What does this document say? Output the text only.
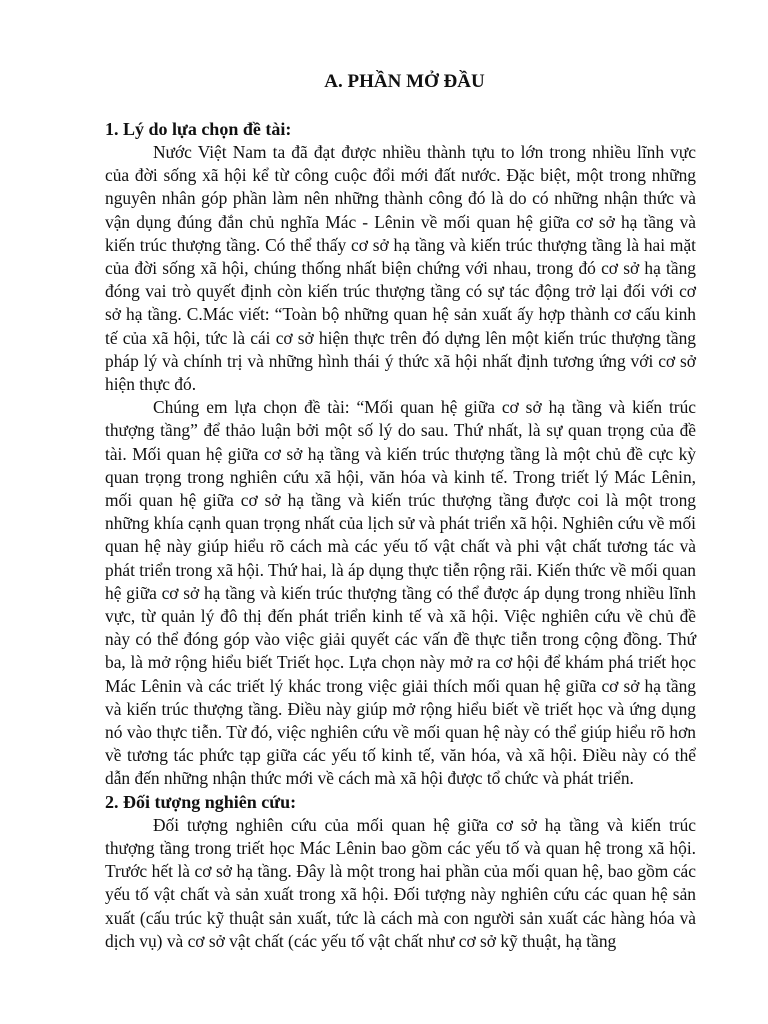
A. PHẦN MỞ ĐẦU
1. Lý do lựa chọn đề tài:

Nước Việt Nam ta đã đạt được nhiều thành tựu to lớn trong nhiều lĩnh vực của đời sống xã hội kể từ công cuộc đổi mới đất nước. Đặc biệt, một trong những nguyên nhân góp phần làm nên những thành công đó là do có những nhận thức và vận dụng đúng đắn chủ nghĩa Mác - Lênin về mối quan hệ giữa cơ sở hạ tầng và kiến trúc thượng tầng. Có thể thấy cơ sở hạ tầng và kiến trúc thượng tầng là hai mặt của đời sống xã hội, chúng thống nhất biện chứng với nhau, trong đó cơ sở hạ tầng đóng vai trò quyết định còn kiến trúc thượng tầng có sự tác động trở lại đối với cơ sở hạ tầng. C.Mác viết: “Toàn bộ những quan hệ sản xuất ấy hợp thành cơ cấu kinh tế của xã hội, tức là cái cơ sở hiện thực trên đó dựng lên một kiến trúc thượng tầng pháp lý và chính trị và những hình thái ý thức xã hội nhất định tương ứng với cơ sở hiện thực đó.

Chúng em lựa chọn đề tài: “Mối quan hệ giữa cơ sở hạ tầng và kiến trúc thượng tầng” để thảo luận bởi một số lý do sau. Thứ nhất, là sự quan trọng của đề tài. Mối quan hệ giữa cơ sở hạ tầng và kiến trúc thượng tầng là một chủ đề cực kỳ quan trọng trong nghiên cứu xã hội, văn hóa và kinh tế. Trong triết lý Mác Lênin, mối quan hệ giữa cơ sở hạ tầng và kiến trúc thượng tầng được coi là một trong những khía cạnh quan trọng nhất của lịch sử và phát triển xã hội. Nghiên cứu về mối quan hệ này giúp hiểu rõ cách mà các yếu tố vật chất và phi vật chất tương tác và phát triển trong xã hội. Thứ hai, là áp dụng thực tiễn rộng rãi. Kiến thức về mối quan hệ giữa cơ sở hạ tầng và kiến trúc thượng tầng có thể được áp dụng trong nhiều lĩnh vực, từ quản lý đô thị đến phát triển kinh tế và xã hội. Việc nghiên cứu về chủ đề này có thể đóng góp vào việc giải quyết các vấn đề thực tiễn trong cộng đồng. Thứ ba, là mở rộng hiểu biết Triết học. Lựa chọn này mở ra cơ hội để khám phá triết học Mác Lênin và các triết lý khác trong việc giải thích mối quan hệ giữa cơ sở hạ tầng và kiến trúc thượng tầng. Điều này giúp mở rộng hiểu biết về triết học và ứng dụng nó vào thực tiễn. Từ đó, việc nghiên cứu về mối quan hệ này có thể giúp hiểu rõ hơn về tương tác phức tạp giữa các yếu tố kinh tế, văn hóa, và xã hội. Điều này có thể dẫn đến những nhận thức mới về cách mà xã hội được tổ chức và phát triển.

2. Đối tượng nghiên cứu:

Đối tượng nghiên cứu của mối quan hệ giữa cơ sở hạ tầng và kiến trúc thượng tầng trong triết học Mác Lênin bao gồm các yếu tố và quan hệ trong xã hội. Trước hết là cơ sở hạ tầng. Đây là một trong hai phần của mối quan hệ, bao gồm các yếu tố vật chất và sản xuất trong xã hội. Đối tượng này nghiên cứu các quan hệ sản xuất (cấu trúc kỹ thuật sản xuất, tức là cách mà con người sản xuất các hàng hóa và dịch vụ) và cơ sở vật chất (các yếu tố vật chất như cơ sở kỹ thuật, hạ tầng
